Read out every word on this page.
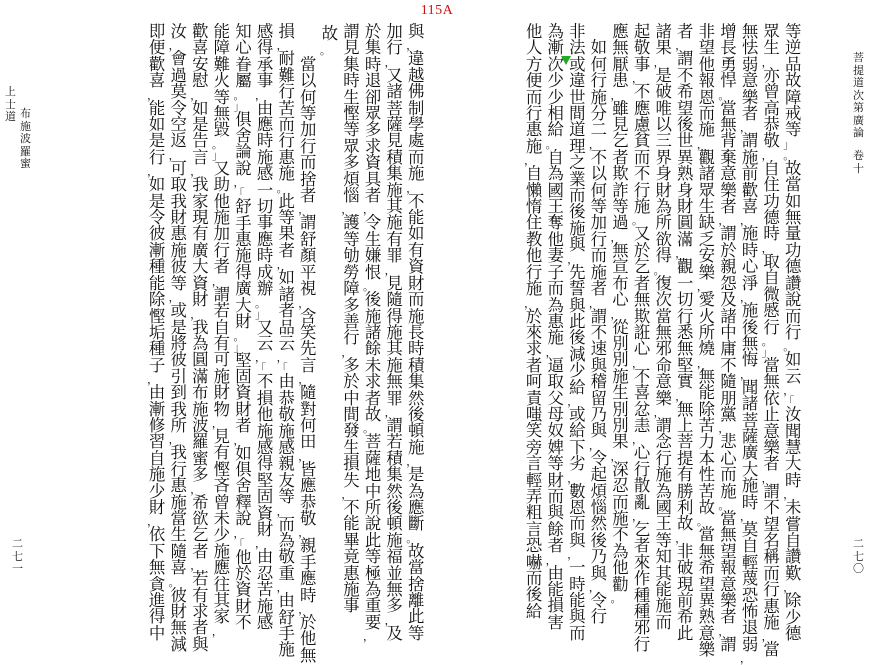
115A
與
，
違
越
佛
制
學
處
而
施
，
不
能
如
有
資
財
而
施
長
時
積
集
然
後
頓
施
，
是
為
應
斷
。
故
當
捨
離
此
等
加
行
，
又
諸
菩
薩
見
積
集
施
其
施
有
罪
，
見
隨
得
施
其
施
無
罪
，
謂
若
積
集
然
後
頓
施
福
並
無
多
，
及
於
集
時
退
卻
眾
多
求
資
具
者
，
令
生
嫌
恨
。
後
施
諸
餘
未
求
者
故
。
菩
薩
地
中
所
說
此
等
極
為
重
要
，
謂
見
集
時
生
慳
等
眾
多
煩
惱
，
護
等
劬
勞
障
多
善
行
，
多
於
中
間
發
生
損
失
，
不
能
畢
竟
惠
施
事
故
。

當
以
何
等
加
行
而
捨
者
，
謂
舒
顏
平
視
，
含
笑
先
言
，
隨
對
何
田
，
皆
應
恭
敬
，
親
手
應
時
，
於
他
無
損
，
耐
難
行
苦
而
行
惠
施
。
此
等
果
者
，
如
諸
者
品
云
，
「
由
恭
敬
施
感
親
友
等
，
而
為
敬
重
，
由
舒
手
施
感
得
承
事
，
由
應
時
施
感
一
切
事
應
時
成
辦
。
」
又
云
，
「
不
損
他
施
感
得
堅
固
資
財
，
由
忍
苦
施
感
知
心
眷
屬
。
」
俱
舍
論
說
，
「
舒
手
惠
施
得
廣
大
財
。
」
堅
固
資
財
者
，
如
俱
舍
釋
說
，
「
他
於
資
財
不
能
障
難
火
等
無
毀
。
」
又
助
他
施
加
行
者
，
謂
若
自
有
可
施
財
物
，
見
有
慳
吝
曾
未
少
施
應
往
其
家
，
歡
喜
安
慰
，
如
是
告
言
，
我
家
現
有
廣
大
資
財
，
我
為
圓
滿
布
施
波
羅
蜜
多
，
希
欲
乞
者
，
若
有
求
者
與
汝
，
會
過
莫
令
空
返
，
可
取
我
財
惠
施
彼
等
，
或
是
將
彼
引
到
我
所
，
我
行
惠
施
當
生
隨
喜
。
彼
財
無
減
即
便
歡
喜
，
能
如
是
行
，
如
是
令
彼
漸
種
能
除
慳
垢
種
子
，
由
漸
修
習
自
施
少
財
，
依
下
無
貪
進
得
中
上
士
道 布
施
波
羅
蜜
二
七
一
等
逆
品
故
障
戒
等
」
。
故
當
如
無
量
功
德
讚
說
而
行
。
如
云
，
「
汝
聞
慧
大
時
，
未
嘗
自
讚
歎
，
除
少
德
眾
生
，
亦
曾
高
恭
敬
，
自
住
功
德
時
，
取
自
微
慼
行
。
」
當
無
依
止
意
樂
者
，
謂
不
望
名
稱
而
行
惠
施
，
當
無
怯
弱
意
樂
者
，
謂
施
前
歡
喜
，
施
時
心
淨
，
施
後
無
悔
，
聞
諸
菩
薩
廣
大
施
時
，
莫
自
輕
蔑
恐
怖
退
弱
，
增
長
勇
悍
。
當
無
背
棄
意
樂
者
，
謂
於
親
怨
及
諸
中
庸
不
隨
朋
黨
，
悲
心
而
施
。
當
無
望
報
意
樂
者
，
謂
非
望
他
報
恩
而
施
，
觀
諸
眾
生
缺
乏
安
樂
，
愛
火
所
燒
，
無
能
除
苦
力
本
性
苦
故
。
當
無
希
望
異
熟
意
樂
者
，
謂
不
希
望
後
世
異
熟
身
財
圓
滿
，
觀
一
切
行
悉
無
堅
實
，
無
上
菩
提
有
勝
利
故
，
非
破
現
前
希
此
諸
果
，
是
破
唯
以
三
界
身
財
為
所
欲
得
。
復
次
當
無
邪
命
意
樂
，
謂
念
行
施
為
國
王
等
知
其
能
施
而
起
敬
事
，
不
應
慮
貧
而
不
行
施
。
又
於
乞
者
無
欺
誑
心
，
不
喜
忿
恚
，
心
行
散
亂
，
乞
者
來
作
種
種
邪
行
應
無
厭
患
，
雖
見
乞
者
欺
詐
等
過
，
無
宣
布
心
，
從
別
別
施
生
別
別
果
，
深
忍
而
施
不
為
他
勸
。

如
何
行
施
分
二
，
不
以
何
等
加
行
而
施
者
，
謂
不
速
與
稽
留
乃
與
，
令
起
煩
惱
然
後
乃
與
，
令
行
非
法
或
違
世
間
道
理
之
業
而
後
施
與
，
先
誓
與
此
後
減
少
給
，
或
給
下
劣
，
數
恩
而
與
，
一
時
能
與
而
為
漸
次
少
少
相
給
。
自
為
國
王
奪
他
妻
子
而
為
惠
施
，
逼
取
父
母
奴
婢
等
財
而
與
餘
者
，
由
能
損
害
他
人
方
便
而
行
惠
施
，
自
懶
惰
住
教
他
行
施
，
於
來
求
者
呵
責
嗤
笑
旁
言
輕
弄
粗
言
恐
嚇
而
後
給
菩
提
道
次
第
廣
論
卷
十
二
七
〇
